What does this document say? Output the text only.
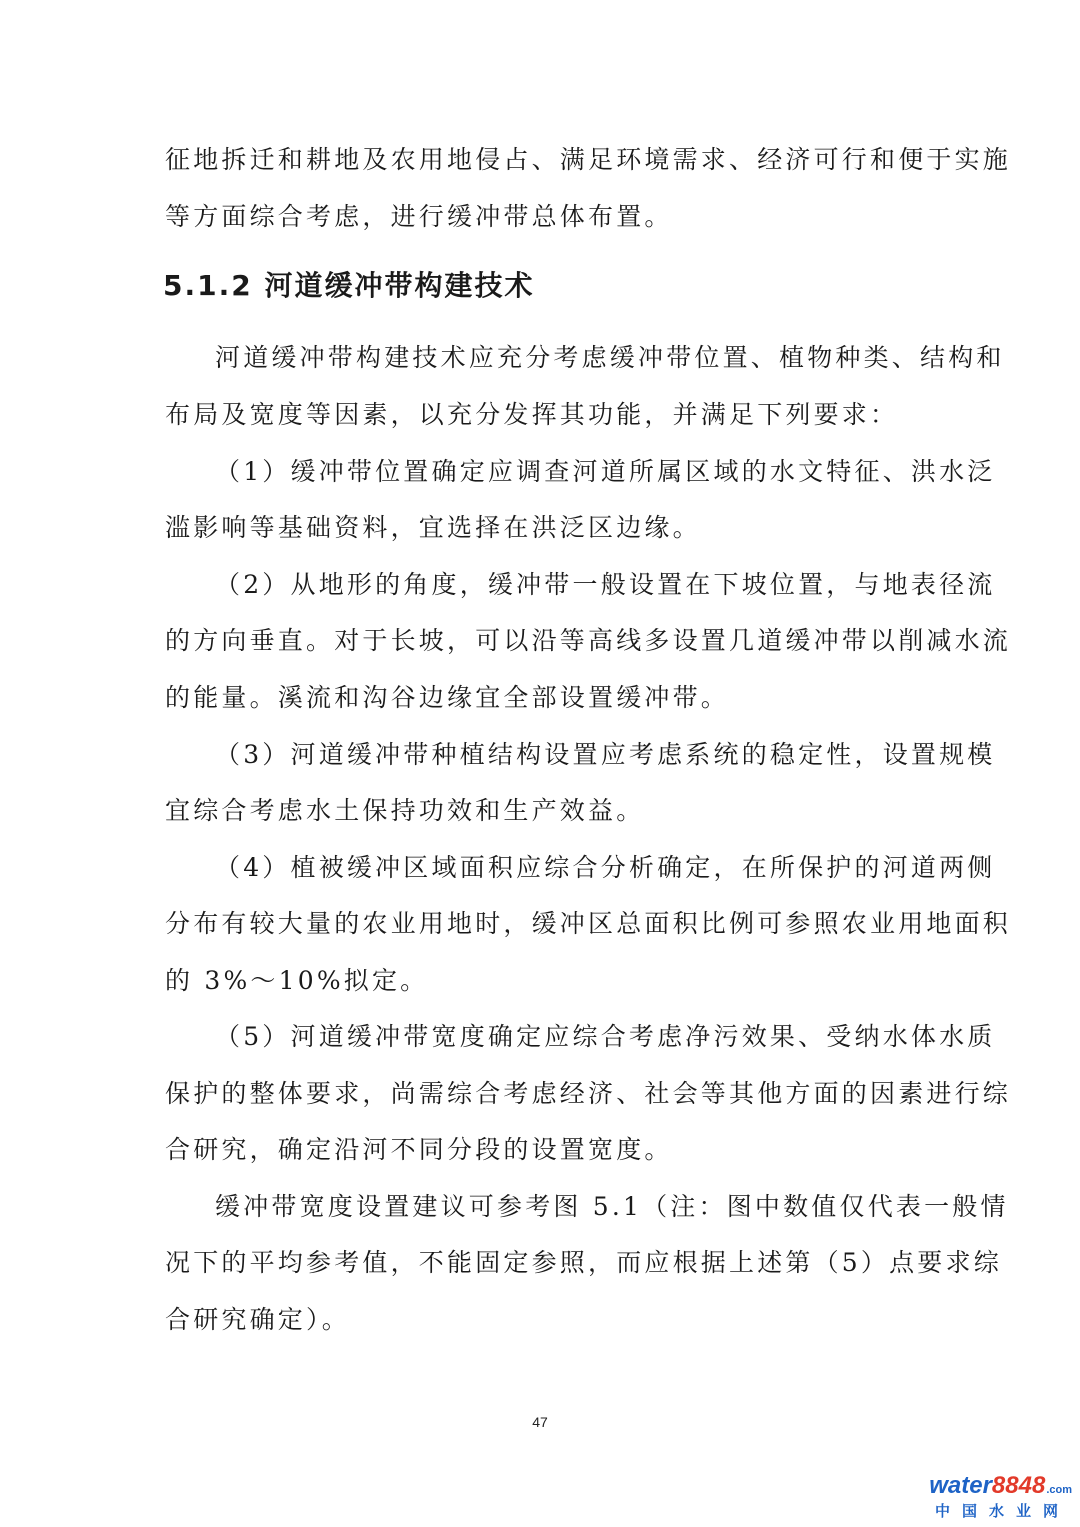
征地拆迁和耕地及农用地侵占、满足环境需求、经济可行和便于实施
等方面综合考虑，进行缓冲带总体布置。
5.1.2 河道缓冲带构建技术
河道缓冲带构建技术应充分考虑缓冲带位置、植物种类、结构和
布局及宽度等因素，以充分发挥其功能，并满足下列要求：
（1）缓冲带位置确定应调查河道所属区域的水文特征、洪水泛
滥影响等基础资料，宜选择在洪泛区边缘。
（2）从地形的角度，缓冲带一般设置在下坡位置，与地表径流
的方向垂直。对于长坡，可以沿等高线多设置几道缓冲带以削减水流
的能量。溪流和沟谷边缘宜全部设置缓冲带。
（3）河道缓冲带种植结构设置应考虑系统的稳定性，设置规模
宜综合考虑水土保持功效和生产效益。
（4）植被缓冲区域面积应综合分析确定，在所保护的河道两侧
分布有较大量的农业用地时，缓冲区总面积比例可参照农业用地面积
的 3%～10%拟定。
（5）河道缓冲带宽度确定应综合考虑净污效果、受纳水体水质
保护的整体要求，尚需综合考虑经济、社会等其他方面的因素进行综
合研究，确定沿河不同分段的设置宽度。
缓冲带宽度设置建议可参考图 5.1（注：图中数值仅代表一般情
况下的平均参考值，不能固定参照，而应根据上述第（5）点要求综
合研究确定）。
47
water8848.com
中国水业网
